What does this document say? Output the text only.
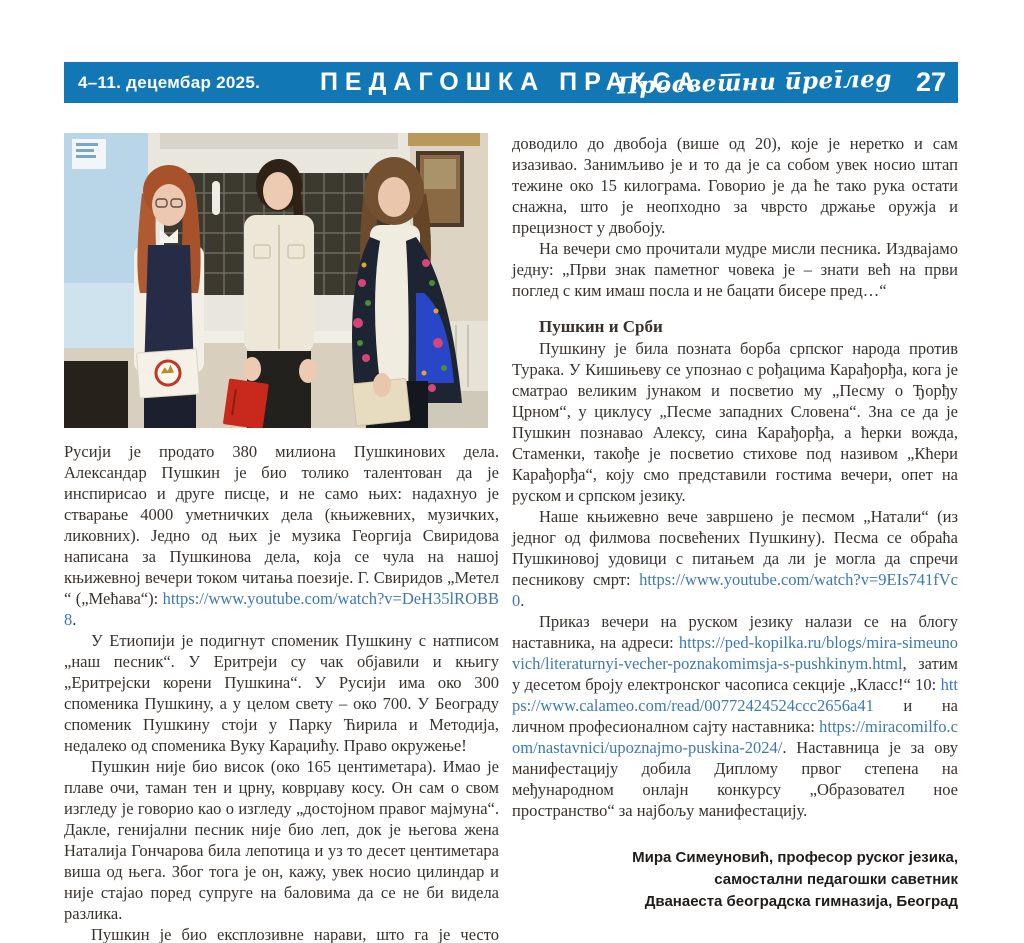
4–11. децембар 2025.	ПЕДАГОШКА ПРАКСА
Просветни преглед 27

Русији је продато 380 милиона Пушкинових дела. Александар Пушкин је био толико талентован да је инспирисао и друге писце, и не само њих: надахнуо је стварање 4000 уметничких дела (књижевних, музичких, ликовних). Једно од њих је музика Георгија Свиридова написана за Пушкинова дела, која се чула на нашој књижевној вечери током читања поезије. Г. Свиридов „Метел “ („Мећава“): https://www.youtube.com/watch?v=DeH35lROBB8.

У Етиопији је подигнут споменик Пушкину с натписом „наш песник“. У Еритреји су чак објавили и књигу „Еритрејски корени Пушкина“. У Русији има око 300 споменика Пушкину, а у целом свету – око 700. У Београду споменик Пушкину стоји у Парку Ћирила и Методија, недалеко од споменика Вуку Караџићу. Право окружење!

Пушкин није био висок (око 165 центиметара). Имао је плаве очи, таман тен и црну, коврџаву косу. Он сам о свом изгледу је говорио као о изгледу „достојном правог мајмуна“. Дакле, генијални песник није био леп, док је његова жена Наталија Гончарова била лепотица и уз то десет центиметара виша од њега. Због тога је он, кажу, увек носио цилиндар и није стајао поред супруге на баловима да се не би видела разлика.

Пушкин је био експлозивне нарави, што га је често

доводило до двобоја (више од 20), које је неретко и сам изазивао. Занимљиво је и то да је са собом увек носио штап тежине око 15 килограма. Говорио је да ће тако рука остати снажна, што је неопходно за чврсто држање оружја и прецизност у двобоју.

На вечери смо прочитали мудре мисли песника. Издвајамо једну: „Први знак паметног човека је – знати већ на први поглед с ким имаш посла и не бацати бисере пред…“

Пушкин и Срби

Пушкину је била позната борба српског народа против Турака. У Кишињеву се упознао с рођацима Карађорђа, кога је сматрао великим јунаком и посветио му „Песму о Ђорђу Црном“, у циклусу „Песме западних Словена“. Зна се да је Пушкин познавао Алексу, сина Карађорђа, а ћерки вожда, Стаменки, такође је посветио стихове под називом „Кћери Карађорђа“, коју смо представили гостима вечери, опет на руском и српском језику.

Наше књижевно вече завршено је песмом „Натали“ (из једног од филмова посвећених Пушкину). Песма се обраћа Пушкиновој удовици с питањем да ли је могла да спречи песникову смрт: https://www.youtube.com/watch?v=9EIs741fVc0.

Приказ вечери на руском језику налази се на блогу наставника, на адреси: https://ped-kopilka.ru/blogs/mira-simeunovich/literaturnyi-vecher-poznakomimsja-s-pushkinym.html, затим у десетом броју електронског часописа секције „Класс!“ 10: https://www.calameo.com/read/00772424524ccc2656a41 и на личном професионалном сајту наставника: https://miracomilfo.com/nastavnici/upoznajmo-puskina-2024/. Наставница је за ову манифестацију добила Диплому првог степена на међународном онлајн конкурсу „Образовател ное пространство“ за најбољу манифестацију.

Мира Симеуновић, професор руског језика,
самостални педагошки саветник
Дванаеста београдска гимназија, Београд
